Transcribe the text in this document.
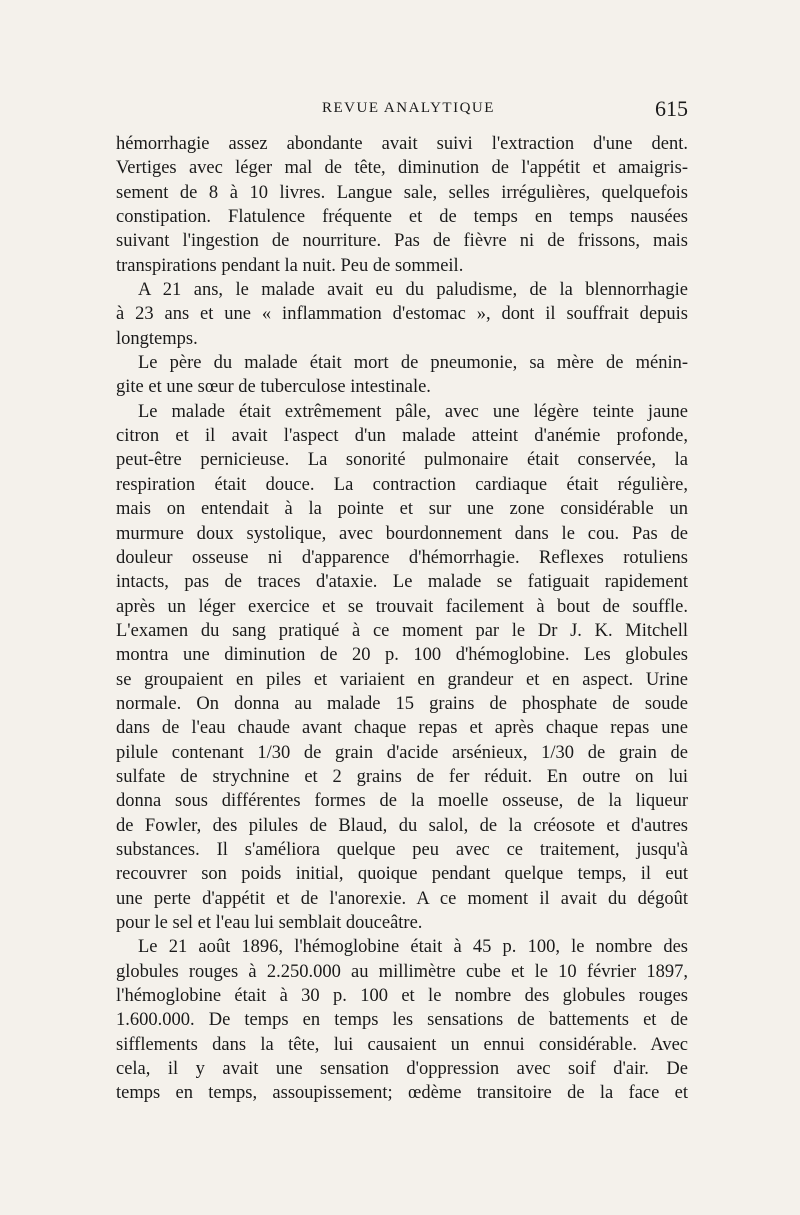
REVUE ANALYTIQUE	615
hémorrhagie assez abondante avait suivi l'extraction d'une dent.
Vertiges avec léger mal de tête, diminution de l'appétit et amaigris-
sement de 8 à 10 livres. Langue sale, selles irrégulières, quelquefois
constipation. Flatulence fréquente et de temps en temps nausées
suivant l'ingestion de nourriture. Pas de fièvre ni de frissons, mais
transpirations pendant la nuit. Peu de sommeil.
A 21 ans, le malade avait eu du paludisme, de la blennorrhagie
à 23 ans et une « inflammation d'estomac », dont il souffrait depuis
longtemps.
Le père du malade était mort de pneumonie, sa mère de ménin-
gite et une sœur de tuberculose intestinale.
Le malade était extrêmement pâle, avec une légère teinte jaune
citron et il avait l'aspect d'un malade atteint d'anémie profonde,
peut-être pernicieuse. La sonorité pulmonaire était conservée, la
respiration était douce. La contraction cardiaque était régulière,
mais on entendait à la pointe et sur une zone considérable un
murmure doux systolique, avec bourdonnement dans le cou. Pas de
douleur osseuse ni d'apparence d'hémorrhagie. Reflexes rotuliens
intacts, pas de traces d'ataxie. Le malade se fatiguait rapidement
après un léger exercice et se trouvait facilement à bout de souffle.
L'examen du sang pratiqué à ce moment par le Dr J. K. Mitchell
montra une diminution de 20 p. 100 d'hémoglobine. Les globules
se groupaient en piles et variaient en grandeur et en aspect. Urine
normale. On donna au malade 15 grains de phosphate de soude
dans de l'eau chaude avant chaque repas et après chaque repas une
pilule contenant 1/30 de grain d'acide arsénieux, 1/30 de grain de
sulfate de strychnine et 2 grains de fer réduit. En outre on lui
donna sous différentes formes de la moelle osseuse, de la liqueur
de Fowler, des pilules de Blaud, du salol, de la créosote et d'autres
substances. Il s'améliora quelque peu avec ce traitement, jusqu'à
recouvrer son poids initial, quoique pendant quelque temps, il eut
une perte d'appétit et de l'anorexie. A ce moment il avait du dégoût
pour le sel et l'eau lui semblait douceâtre.
Le 21 août 1896, l'hémoglobine était à 45 p. 100, le nombre des
globules rouges à 2.250.000 au millimètre cube et le 10 février 1897,
l'hémoglobine était à 30 p. 100 et le nombre des globules rouges
1.600.000. De temps en temps les sensations de battements et de
sifflements dans la tête, lui causaient un ennui considérable. Avec
cela, il y avait une sensation d'oppression avec soif d'air. De
temps en temps, assoupissement; œdème transitoire de la face et
